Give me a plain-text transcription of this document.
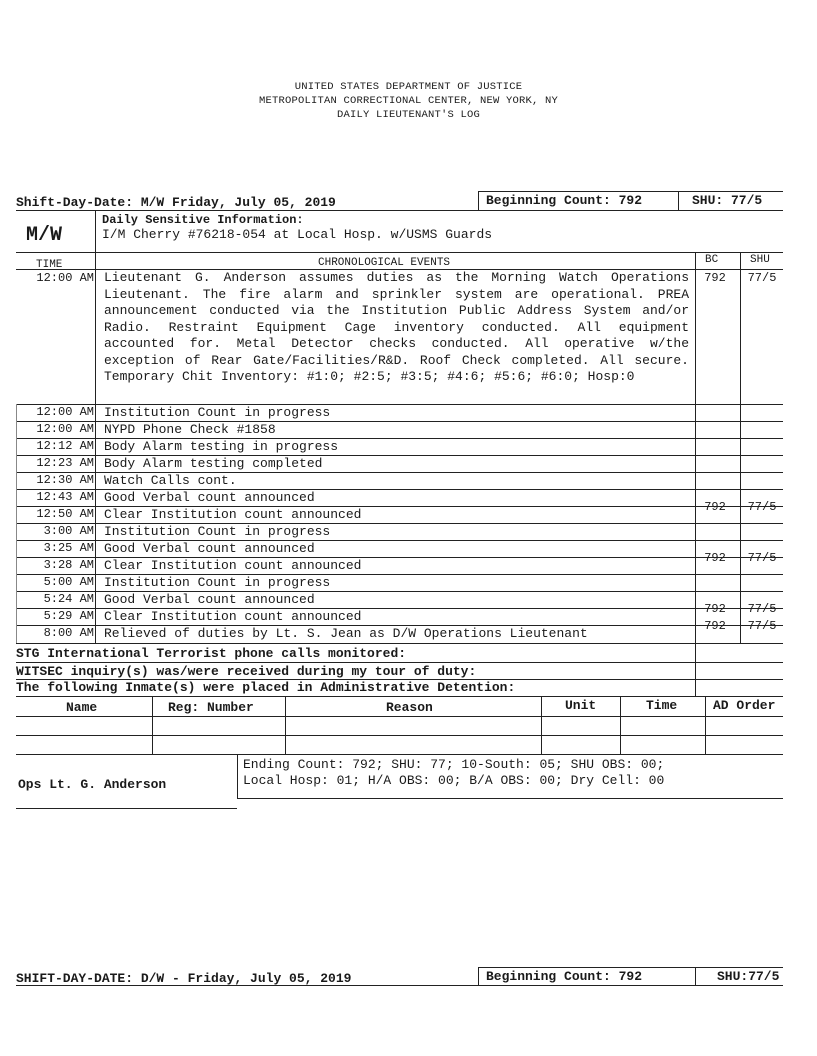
UNITED STATES DEPARTMENT OF JUSTICE
METROPOLITAN CORRECTIONAL CENTER, NEW YORK, NY
DAILY LIEUTENANT'S LOG
Shift-Day-Date: M/W Friday, July 05, 2019	Beginning Count: 792	SHU: 77/5
M/W
Daily Sensitive Information:
I/M Cherry #76218-054 at Local Hosp. w/USMS Guards
TIME	CHRONOLOGICAL EVENTS	BC	SHU
12:00 AM Lieutenant G. Anderson assumes duties as the Morning Watch Operations Lieutenant. The fire alarm and sprinkler system are operational. PREA announcement conducted via the Institution Public Address System and/or Radio. Restraint Equipment Cage inventory conducted. All equipment accounted for. Metal Detector checks conducted. All operative w/the exception of Rear Gate/Facilities/R&D. Roof Check completed. All secure. Temporary Chit Inventory: #1:0; #2:5; #3:5; #4:6; #5:6; #6:0; Hosp:0
792	77/5
12:00 AM Institution Count in progress
12:00 AM NYPD Phone Check #1858
12:12 AM Body Alarm testing in progress
12:23 AM Body Alarm testing completed
12:30 AM Watch Calls cont.
12:43 AM Good Verbal count announced
12:50 AM Clear Institution count announced	792	77/5
3:00 AM Institution Count in progress
3:25 AM Good Verbal count announced
3:28 AM Clear Institution count announced	792	77/5
5:00 AM Institution Count in progress
5:24 AM Good Verbal count announced
5:29 AM Clear Institution count announced	792	77/5
8:00 AM Relieved of duties by Lt. S. Jean as D/W Operations Lieutenant	792	77/5
STG International Terrorist phone calls monitored:
WITSEC inquiry(s) was/were received during my tour of duty:
The following Inmate(s) were placed in Administrative Detention:
Name	Reg: Number	Reason	Unit	Time	AD Order
Ending Count: 792; SHU: 77; 10-South: 05; SHU OBS: 00;
Local Hosp: 01; H/A OBS: 00; B/A OBS: 00; Dry Cell: 00
Ops Lt. G. Anderson
SHIFT-DAY-DATE: D/W - Friday, July 05, 2019	Beginning Count: 792	SHU:77/5
